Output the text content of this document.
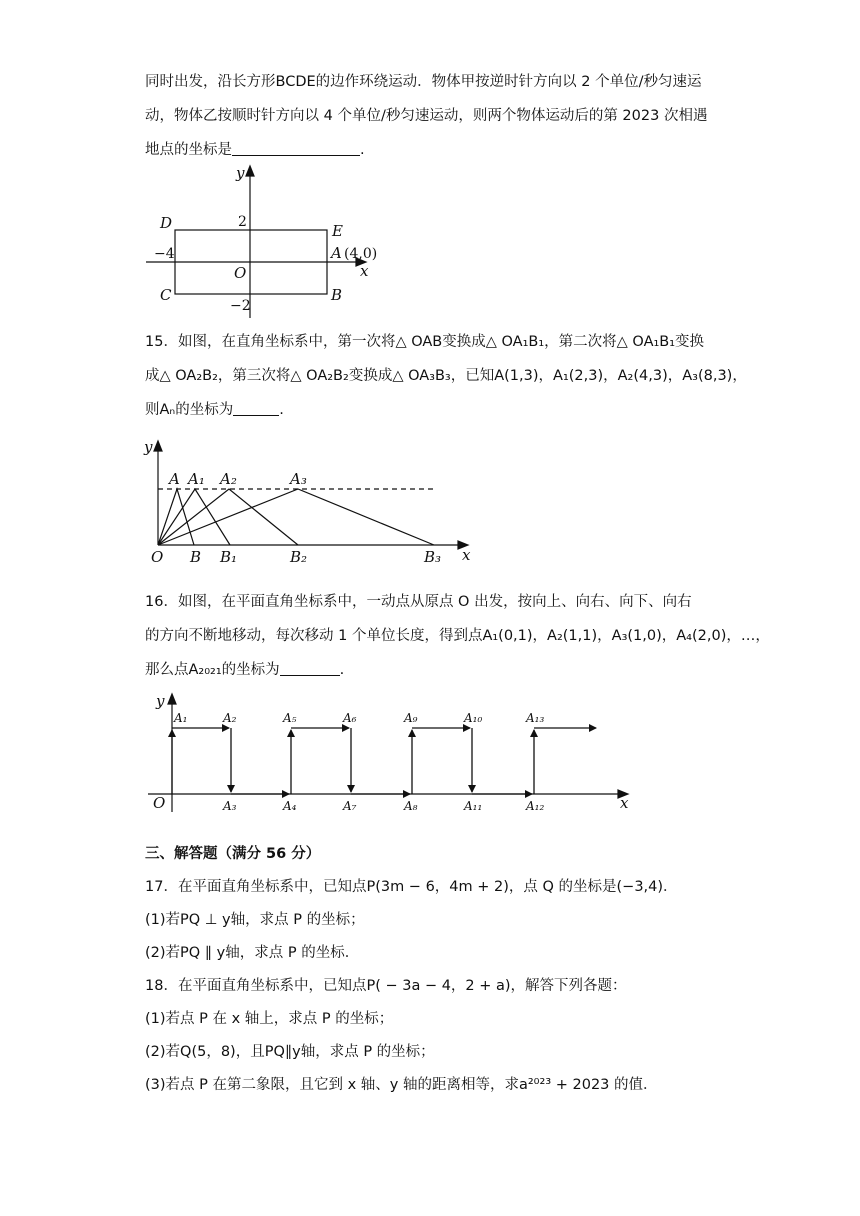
同时出发，沿长方形BCDE的边作环绕运动．物体甲按逆时针方向以 2 个单位/秒匀速运
动，物体乙按顺时针方向以 4 个单位/秒匀速运动，则两个物体运动后的第 2023 次相遇
地点的坐标是	.
y
x
O
D	E
C	B
A (4,0)
2
−2
−4
15．如图，在直角坐标系中，第一次将△ OAB变换成△ OA₁B₁，第二次将△ OA₁B₁变换
成△ OA₂B₂，第三次将△ OA₂B₂变换成△ OA₃B₃，已知A(1,3)，A₁(2,3)，A₂(4,3)，A₃(8,3)，
则Aₙ的坐标为	.
y
x
O
A A₁ A₂	A₃
B B₁	B₂	B₃
16．如图，在平面直角坐标系中，一动点从原点 O 出发，按向上、向右、向下、向右
的方向不断地移动，每次移动 1 个单位长度，得到点A₁(0,1)，A₂(1,1)，A₃(1,0)，A₄(2,0)，…，
那么点A₂₀₂₁的坐标为	.
A₁	A₂	A₅	A₆	A₉	A₁₀	A₁₃
A₃	A₄	A₇	A₈	A₁₁	A₁₂
y
x
O
三、解答题（满分 56 分）
17．在平面直角坐标系中，已知点P(3m − 6，4m + 2)，点 Q 的坐标是(−3,4)．
(1)若PQ ⊥ y轴，求点 P 的坐标；
(2)若PQ ∥ y轴，求点 P 的坐标．
18．在平面直角坐标系中，已知点P( − 3a − 4，2 + a)，解答下列各题：
(1)若点 P 在 x 轴上，求点 P 的坐标；
(2)若Q(5，8)，且PQ∥y轴，求点 P 的坐标；
(3)若点 P 在第二象限，且它到 x 轴、y 轴的距离相等，求a²⁰²³ + 2023 的值．
